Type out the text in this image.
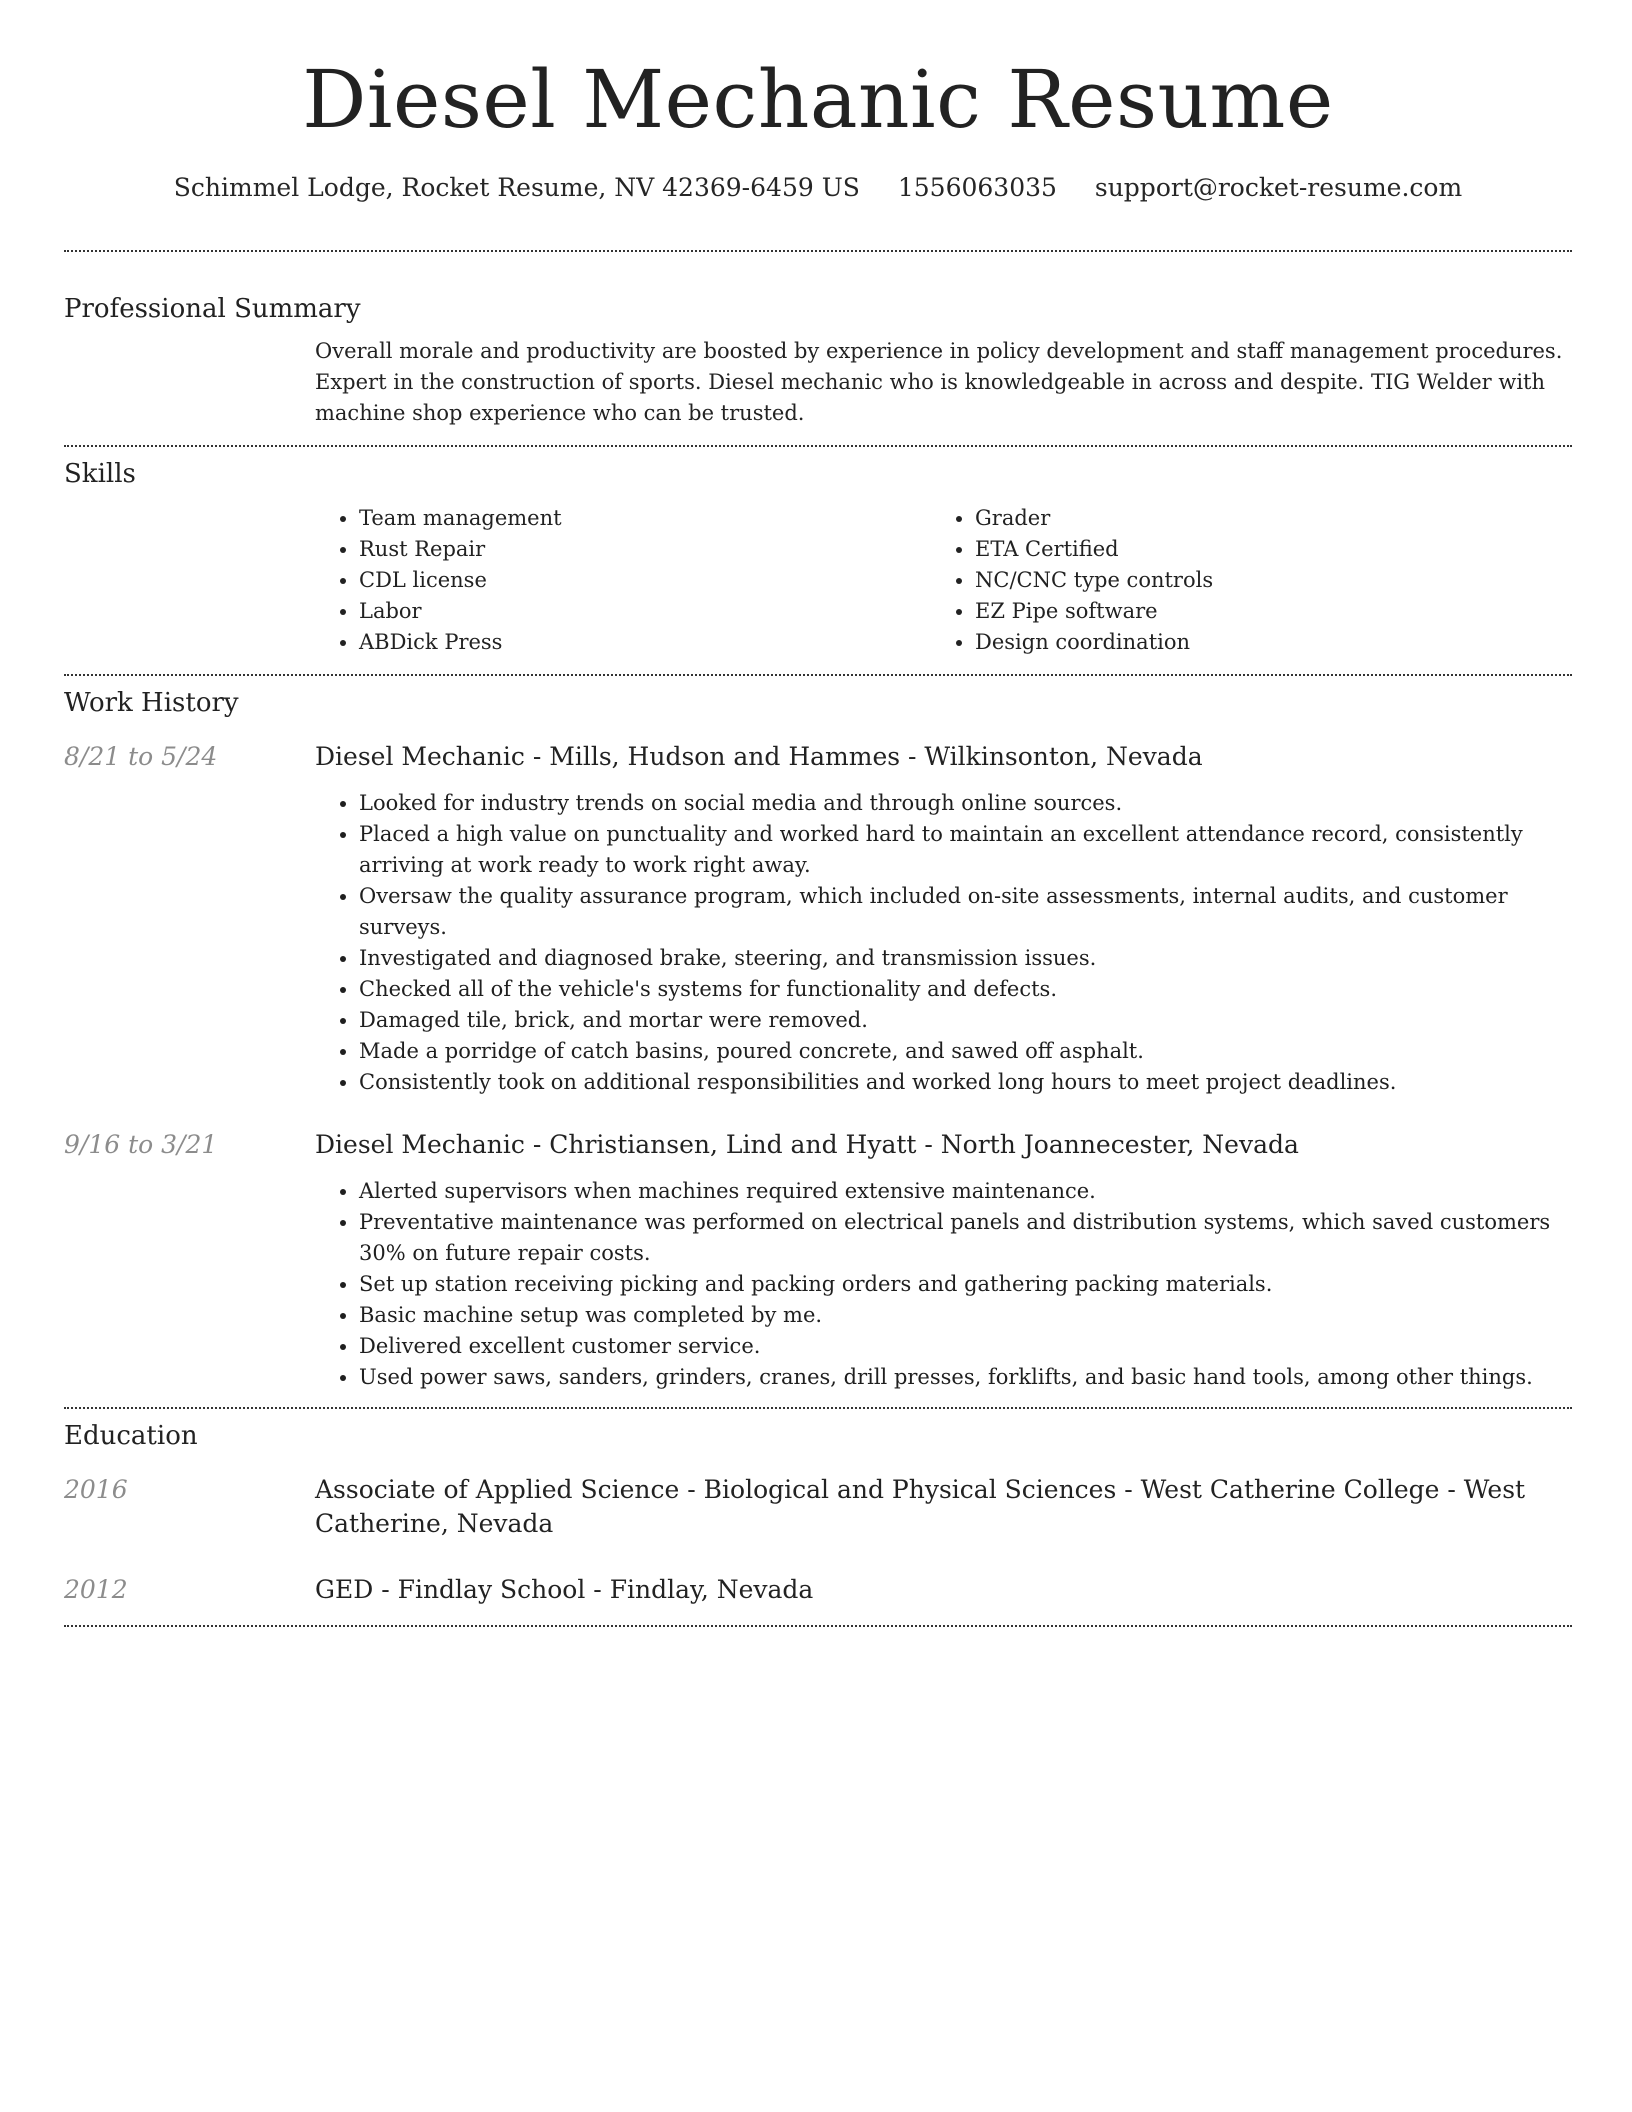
Diesel Mechanic Resume
Schimmel Lodge, Rocket Resume, NV 42369-6459 US 1556063035 support@rocket-resume.com
Professional Summary

Overall morale and productivity are boosted by experience in policy development and staff management procedures. Expert in the construction of sports. Diesel mechanic who is knowledgeable in across and despite. TIG Welder with machine shop experience who can be trusted.

Skills
• Team management
• Rust Repair
• CDL license
• Labor
• ABDick Press
• Grader
• ETA Certified
• NC/CNC type controls
• EZ Pipe software
• Design coordination
Work History
8/21 to 5/24	Diesel Mechanic - Mills, Hudson and Hammes - Wilkinsonton, Nevada
• Looked for industry trends on social media and through online sources.
• Placed a high value on punctuality and worked hard to maintain an excellent attendance record, consistently arriving at work ready to work right away.
• Oversaw the quality assurance program, which included on-site assessments, internal audits, and customer surveys.
• Investigated and diagnosed brake, steering, and transmission issues.
• Checked all of the vehicle's systems for functionality and defects.
• Damaged tile, brick, and mortar were removed.
• Made a porridge of catch basins, poured concrete, and sawed off asphalt.
• Consistently took on additional responsibilities and worked long hours to meet project deadlines.
9/16 to 3/21	Diesel Mechanic - Christiansen, Lind and Hyatt - North Joannecester, Nevada
• Alerted supervisors when machines required extensive maintenance.
• Preventative maintenance was performed on electrical panels and distribution systems, which saved customers 30% on future repair costs.
• Set up station receiving picking and packing orders and gathering packing materials.
• Basic machine setup was completed by me.
• Delivered excellent customer service.
• Used power saws, sanders, grinders, cranes, drill presses, forklifts, and basic hand tools, among other things.
Education
2016	Associate of Applied Science - Biological and Physical Sciences - West Catherine College - West Catherine, Nevada
2012	GED - Findlay School - Findlay, Nevada
